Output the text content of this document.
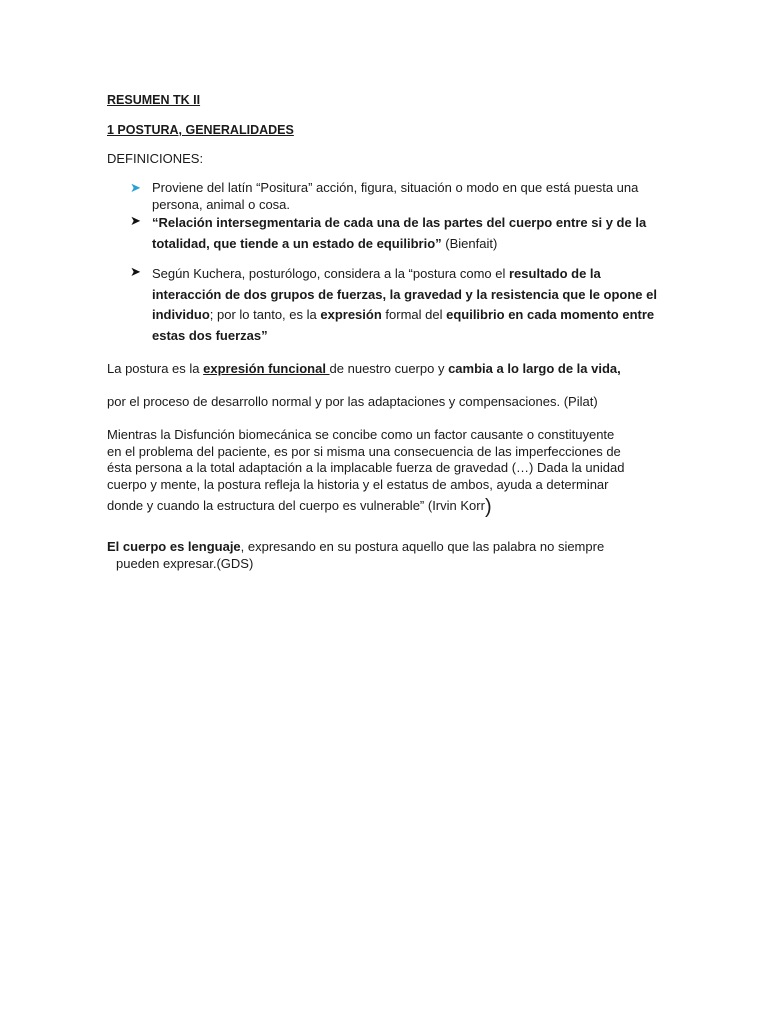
RESUMEN TK II
1 POSTURA, GENERALIDADES
DEFINICIONES:
➤ Proviene del latín “Positura” acción, figura, situación o modo en que está puesta una persona, animal o cosa.
➤ “Relación intersegmentaria de cada una de las partes del cuerpo entre si y de la totalidad, que tiende a un estado de equilibrio” (Bienfait)
➤ Según Kuchera, posturólogo, considera a la “postura como el resultado de la interacción de dos grupos de fuerzas, la gravedad y la resistencia que le opone el individuo; por lo tanto, es la expresión formal del equilibrio en cada momento entre estas dos fuerzas”
La postura es la expresión funcional de nuestro cuerpo y cambia a lo largo de la vida,
por el proceso de desarrollo normal y por las adaptaciones y compensaciones. (Pilat)
Mientras la Disfunción biomecánica se concibe como un factor causante o constituyente
en el problema del paciente, es por si misma una consecuencia de las imperfecciones de
ésta persona a la total adaptación a la implacable fuerza de gravedad (…) Dada la unidad
cuerpo y mente, la postura refleja la historia y el estatus de ambos, ayuda a determinar
donde y cuando la estructura del cuerpo es vulnerable” (Irvin Korr)
El cuerpo es lenguaje, expresando en su postura aquello que las palabra no siempre
pueden expresar.(GDS)
